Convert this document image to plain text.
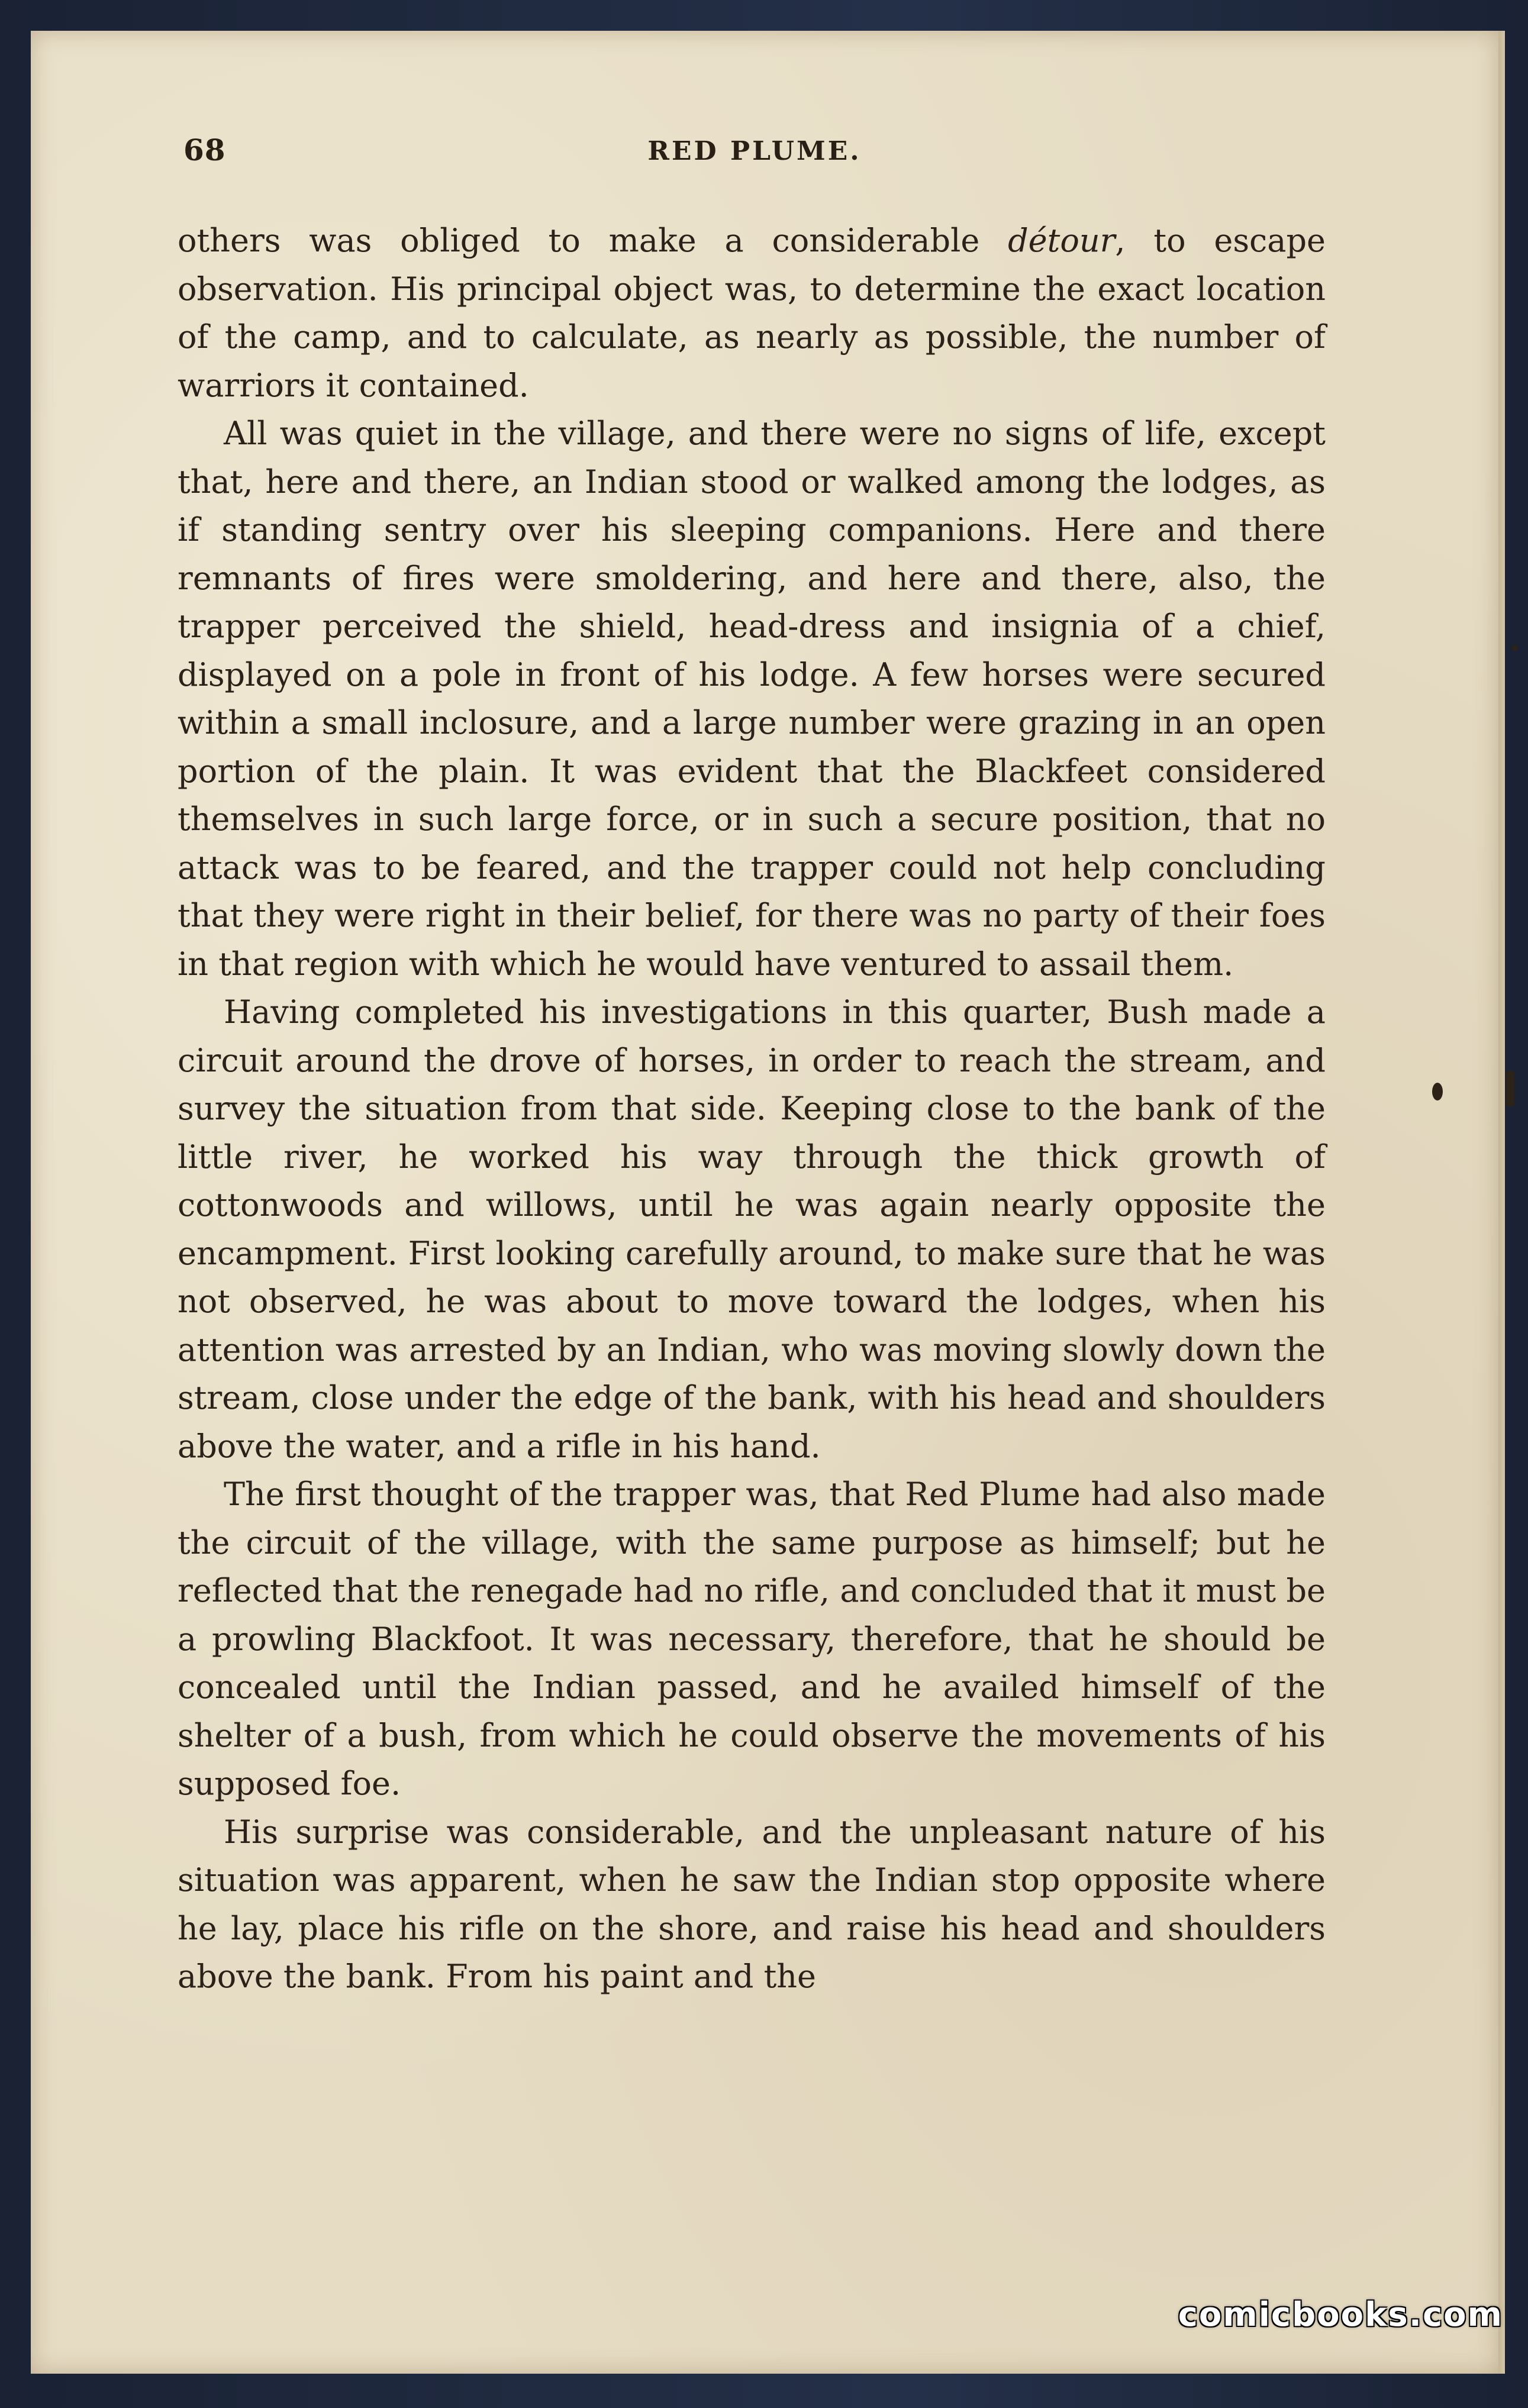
68	RED PLUME.

others was obliged to make a considerable détour, to escape observation. His principal object was, to determine the exact location of the camp, and to calculate, as nearly as possible, the number of warriors it contained.

All was quiet in the village, and there were no signs of life, except that, here and there, an Indian stood or walked among the lodges, as if standing sentry over his sleeping companions. Here and there remnants of fires were smoldering, and here and there, also, the trapper perceived the shield, head-dress and insignia of a chief, displayed on a pole in front of his lodge. A few horses were secured within a small inclosure, and a large number were grazing in an open portion of the plain. It was evident that the Blackfeet considered themselves in such large force, or in such a secure position, that no attack was to be feared, and the trapper could not help concluding that they were right in their belief, for there was no party of their foes in that region with which he would have ventured to assail them.

Having completed his investigations in this quarter, Bush made a circuit around the drove of horses, in order to reach the stream, and survey the situation from that side. Keeping close to the bank of the little river, he worked his way through the thick growth of cottonwoods and willows, until he was again nearly opposite the encampment. First looking carefully around, to make sure that he was not observed, he was about to move toward the lodges, when his attention was arrested by an Indian, who was moving slowly down the stream, close under the edge of the bank, with his head and shoulders above the water, and a rifle in his hand.

The first thought of the trapper was, that Red Plume had also made the circuit of the village, with the same purpose as himself; but he reflected that the renegade had no rifle, and concluded that it must be a prowling Blackfoot. It was necessary, therefore, that he should be concealed until the Indian passed, and he availed himself of the shelter of a bush, from which he could observe the movements of his supposed foe.

His surprise was considerable, and the unpleasant nature of his situation was apparent, when he saw the Indian stop opposite where he lay, place his rifle on the shore, and raise his head and shoulders above the bank. From his paint and the

comicbooks.com
